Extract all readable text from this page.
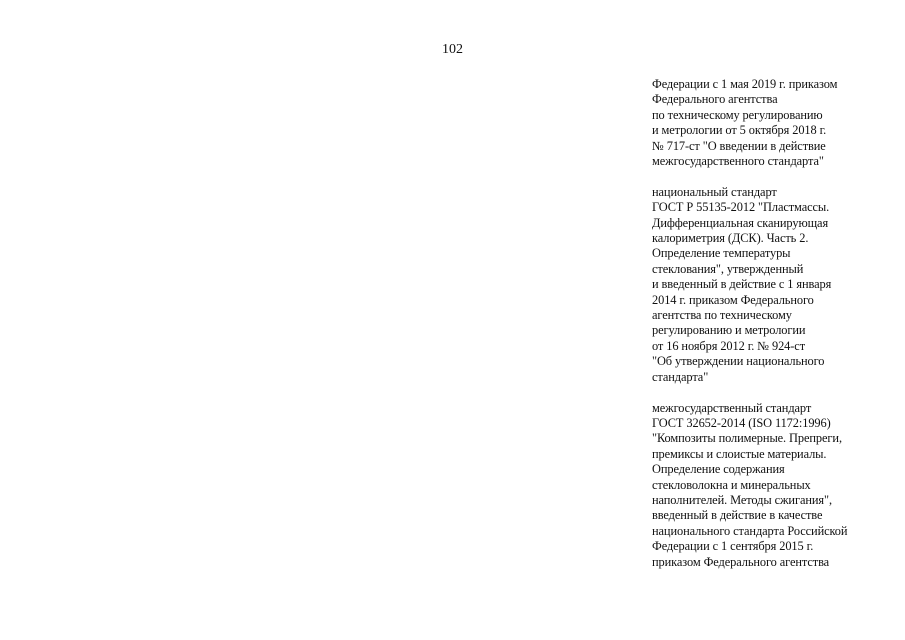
102
Федерации с 1 мая 2019 г. приказом
Федерального агентства
по техническому регулированию
и метрологии от 5 октября 2018 г.
№ 717-ст "О введении в действие
межгосударственного стандарта"
национальный стандарт
ГОСТ Р 55135-2012 "Пластмассы.
Дифференциальная сканирующая
калориметрия (ДСК). Часть 2.
Определение температуры
стеклования", утвержденный
и введенный в действие с 1 января
2014 г. приказом Федерального
агентства по техническому
регулированию и метрологии
от 16 ноября 2012 г. № 924-ст
"Об утверждении национального
стандарта"
межгосударственный стандарт
ГОСТ 32652-2014 (ISO 1172:1996)
"Композиты полимерные. Препреги,
премиксы и слоистые материалы.
Определение содержания
стекловолокна и минеральных
наполнителей. Методы сжигания",
введенный в действие в качестве
национального стандарта Российской
Федерации с 1 сентября 2015 г.
приказом Федерального агентства
